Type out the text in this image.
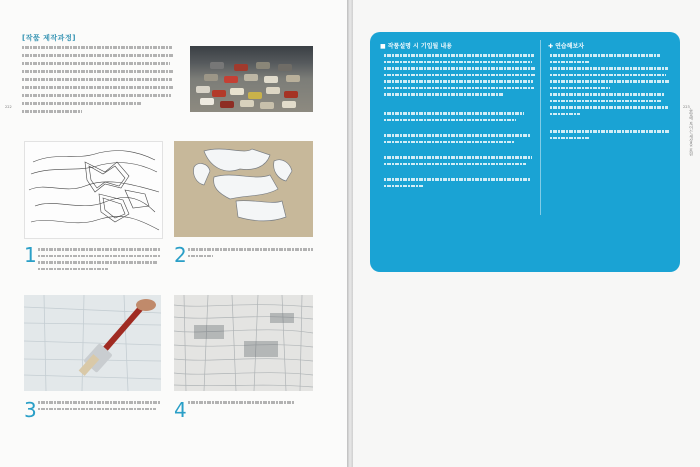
222
[작품 제작과정]
1	2
3	4
223
■ 작품설명 시 기입될 내용	✚ 연습해보자
눈앞에 보이는 세상을 표현
